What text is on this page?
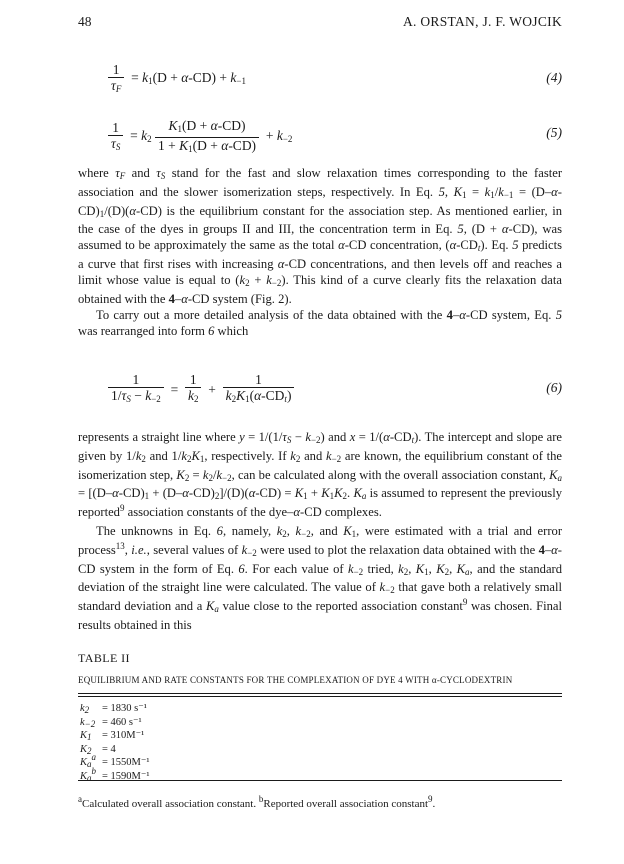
48	A. ORSTAN, J. F. WOJCIK
$\frac{1}{\tau_F} = k_1(D + \alpha-CD) + k_{-1}$	(4)
$\frac{1}{\tau_S} = k_2 \frac{K_1(D + \alpha-CD)}{1 + K_1(D + \alpha-CD)} + k_{-2}$	(5)

where $\tau_F$ and $\tau_S$ stand for the fast and slow relaxation times corresponding to the faster association and the slower isomerization steps, respectively. In Eq. 5, $K_1 = k_1/k_{-1} = (D-\alpha-CD)_1/(D)(\alpha-CD)$ is the equilibrium constant for the association step. As mentioned earlier, in the case of the dyes in groups II and III, the concentration term in Eq. 5, (D + α-CD), was assumed to be approximately the same as the total α-CD concentration, $(\alpha-CD_t)$. Eq. 5 predicts a curve that first rises with increasing α-CD concentrations, and then levels off and reaches a limit whose value is equal to $(k_2 + k_{-2})$. This kind of a curve clearly fits the relaxation data obtained with the 4–α-CD system (Fig. 2).

To carry out a more detailed analysis of the data obtained with the 4–α-CD system, Eq. 5 was rearranged into form 6 which

$\frac{1}{1/\tau_S - k_{-2}} = \frac{1}{k_2} + \frac{1}{k_2K_1(\alpha-CD_t)}$	(6)

represents a straight line where $y = 1/(1/\tau_S - k_{-2})$ and $x = 1/(\alpha-CD_t)$. The intercept and slope are given by $1/k_2$ and $1/k_2K_1$, respectively. If $k_2$ and $k_{-2}$ are known, the equilibrium constant of the isomerization step, $K_2 = k_2/k_{-2}$, can be calculated along with the overall association constant, $K_a = [(D-\alpha-CD)_1 + (D-\alpha-CD)_2]/(D)(\alpha-CD) = K_1 + K_1K_2$. $K_a$ is assumed to represent the previously reported$^9$ association constants of the dye–α-CD complexes.

The unknowns in Eq. 6, namely, $k_2$, $k_{-2}$, and $K_1$, were estimated with a trial and error process$^{13}$, i.e., several values of $k_{-2}$ were used to plot the relaxation data obtained with the 4–α-CD system in the form of Eq. 6. For each value of $k_{-2}$ tried, $k_2$, $K_1$, $K_2$, $K_a$, and the standard deviation of the straight line were calculated. The value of $k_{-2}$ that gave both a relatively small standard deviation and a $K_a$ value close to the reported association constant$^9$ was chosen. Final results obtained in this

TABLE II
EQUILIBRIUM AND RATE CONSTANTS FOR THE COMPLEXATION OF DYE 4 WITH α-CYCLODEXTRIN
$k_2 = 1830$ s⁻¹
$k_{-2} = 460$ s⁻¹
$K_1 = 310M^{-1}$
$K_2 = 4$
$K_a^a = 1550M^{-1}$
$K_a^b = 1590M^{-1}$
$^a$Calculated overall association constant. $^b$Reported overall association constant$^9$.
